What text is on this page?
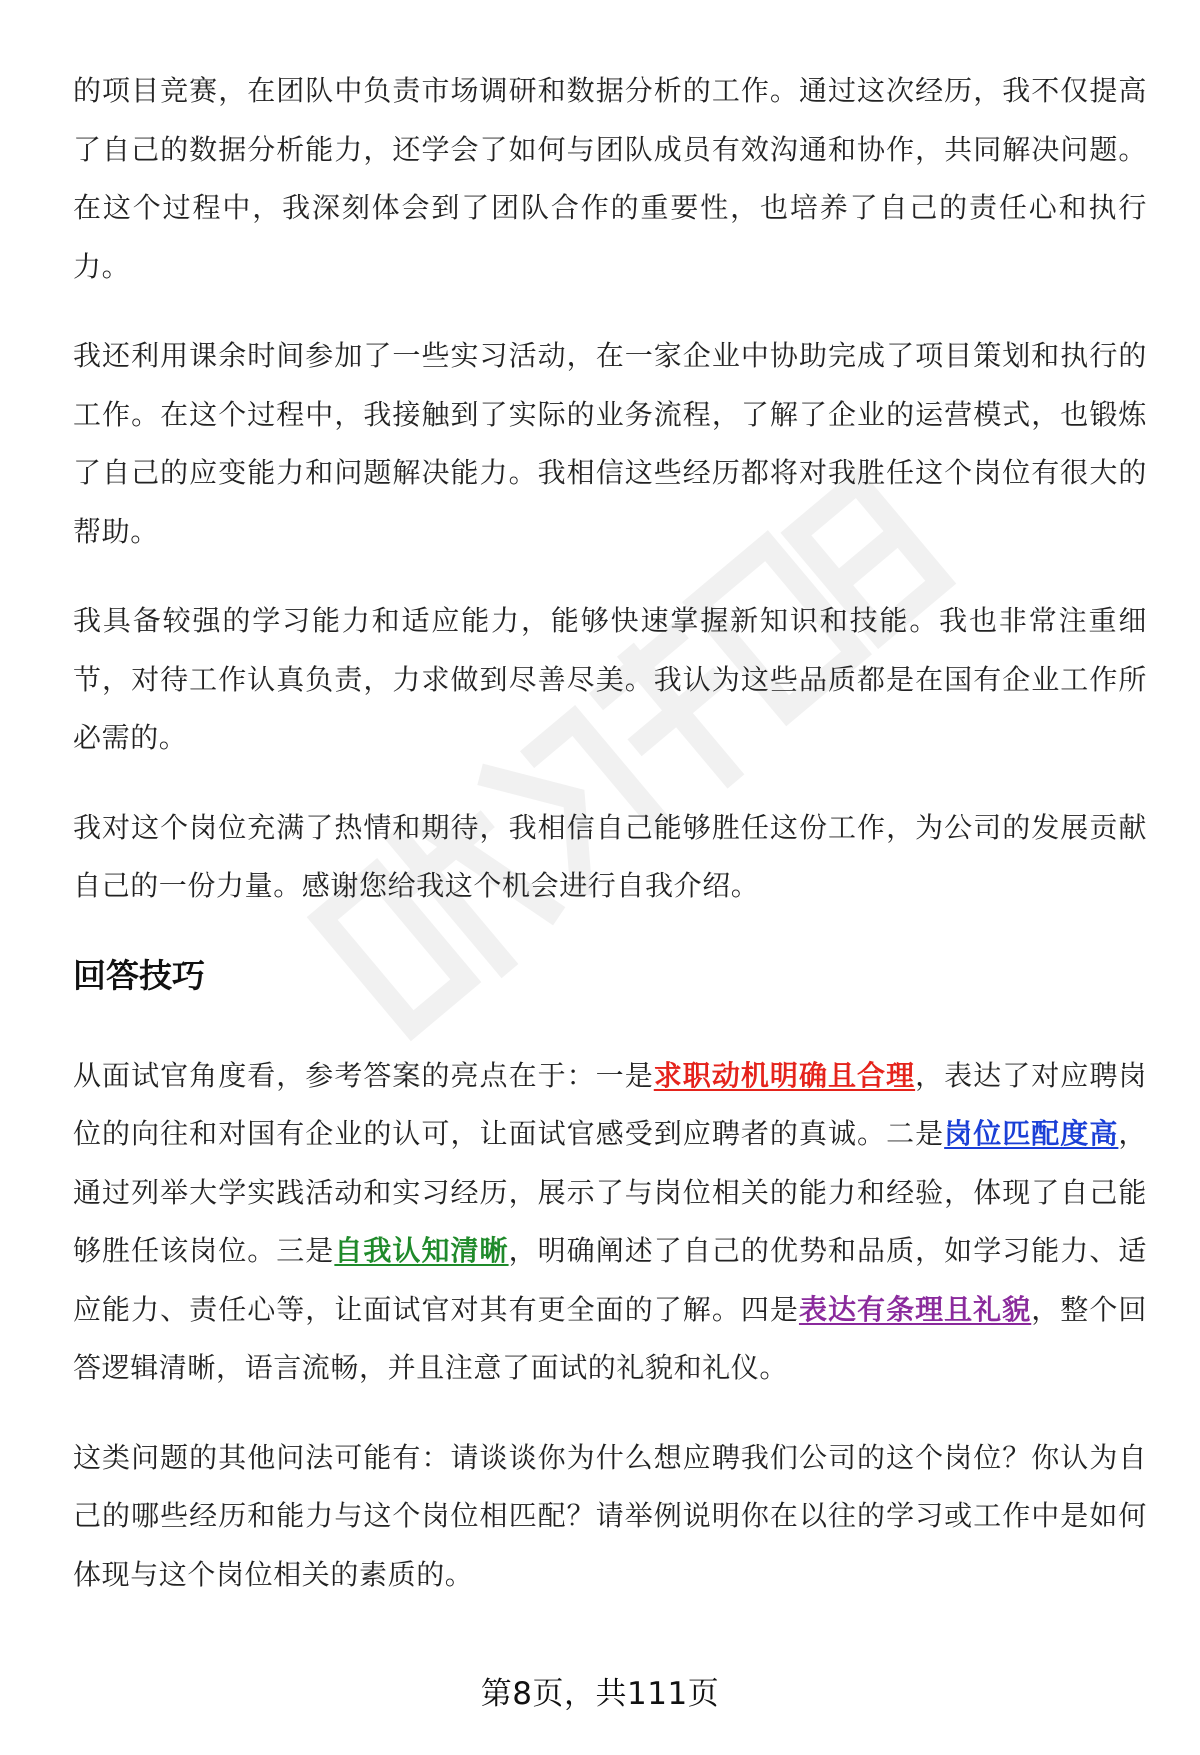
的项目竞赛，在团队中负责市场调研和数据分析的工作。通过这次经历，我不仅提高了自己的数据分析能力，还学会了如何与团队成员有效沟通和协作，共同解决问题。在这个过程中，我深刻体会到了团队合作的重要性，也培养了自己的责任心和执行力。

我还利用课余时间参加了一些实习活动，在一家企业中协助完成了项目策划和执行的工作。在这个过程中，我接触到了实际的业务流程，了解了企业的运营模式，也锻炼了自己的应变能力和问题解决能力。我相信这些经历都将对我胜任这个岗位有很大的帮助。

我具备较强的学习能力和适应能力，能够快速掌握新知识和技能。我也非常注重细节，对待工作认真负责，力求做到尽善尽美。我认为这些品质都是在国有企业工作所必需的。

我对这个岗位充满了热情和期待，我相信自己能够胜任这份工作，为公司的发展贡献自己的一份力量。感谢您给我这个机会进行自我介绍。

回答技巧

从面试官角度看，参考答案的亮点在于：一是求职动机明确且合理，表达了对应聘岗位的向往和对国有企业的认可，让面试官感受到应聘者的真诚。二是岗位匹配度高，通过列举大学实践活动和实习经历，展示了与岗位相关的能力和经验，体现了自己能够胜任该岗位。三是自我认知清晰，明确阐述了自己的优势和品质，如学习能力、适应能力、责任心等，让面试官对其有更全面的了解。四是表达有条理且礼貌，整个回答逻辑清晰，语言流畅，并且注意了面试的礼貌和礼仪。

这类问题的其他问法可能有：请谈谈你为什么想应聘我们公司的这个岗位？你认为自己的哪些经历和能力与这个岗位相匹配？请举例说明你在以往的学习或工作中是如何体现与这个岗位相关的素质的。

第8页，共111页
